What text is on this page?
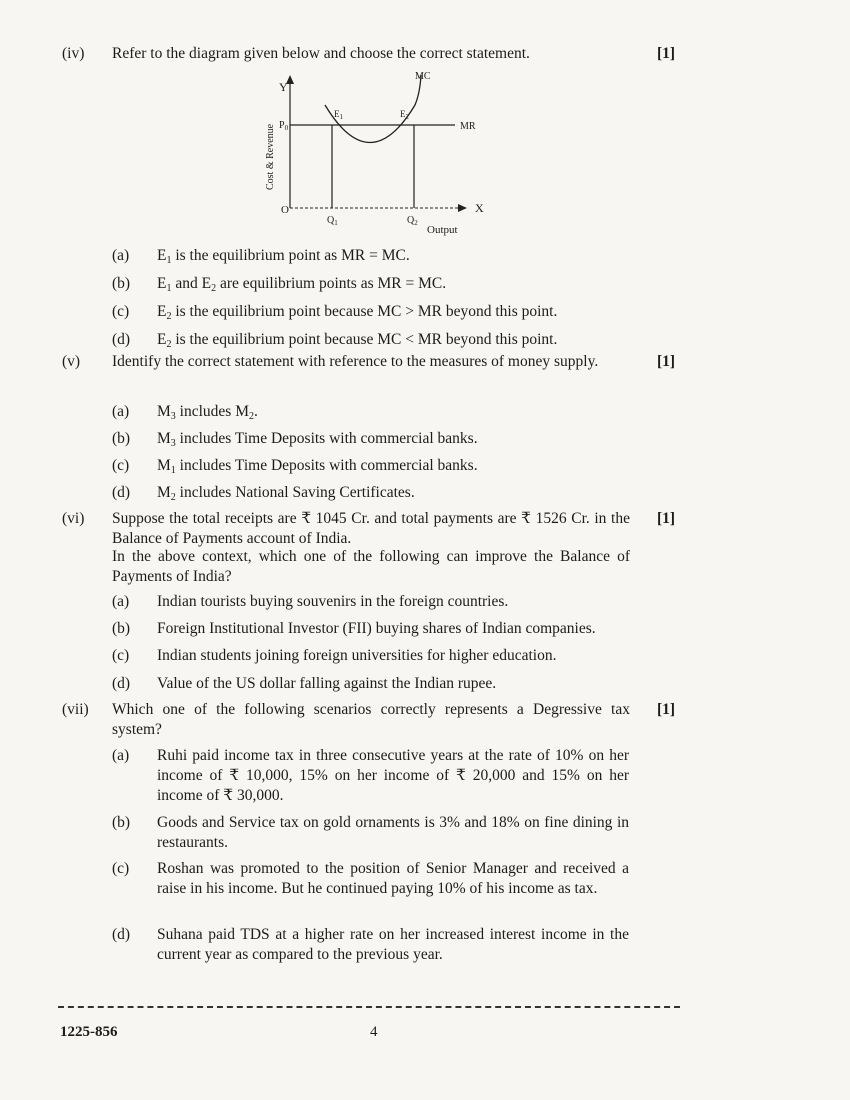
(iv) Refer to the diagram given below and choose the correct statement.	[1]
Y
X
O
Cost & Revenue
Output
$P_0$
MC
MR
$E_1$	$E_2$
$Q_1$	$Q_2$
(a) $E_1$ is the equilibrium point as MR = MC.
(b) $E_1$ and $E_2$ are equilibrium points as MR = MC.
(c) $E_2$ is the equilibrium point because MC > MR beyond this point.
(d) $E_2$ is the equilibrium point because MC < MR beyond this point.
(v) Identify the correct statement with reference to the measures of money supply.	[1]
(a) $M_3$ includes $M_2$.
(b) $M_3$ includes Time Deposits with commercial banks.
(c) $M_1$ includes Time Deposits with commercial banks.
(d) $M_2$ includes National Saving Certificates.
(vi) Suppose the total receipts are ₹ 1045 Cr. and total payments are ₹ 1526 Cr. in the Balance of Payments account of India.
In the above context, which one of the following can improve the Balance of Payments of India?
[1]
(a) Indian tourists buying souvenirs in the foreign countries.
(b) Foreign Institutional Investor (FII) buying shares of Indian companies.
(c) Indian students joining foreign universities for higher education.
(d) Value of the US dollar falling against the Indian rupee.
(vii) Which one of the following scenarios correctly represents a Degressive tax system?
[1]
(a) Ruhi paid income tax in three consecutive years at the rate of 10% on her income of ₹ 10,000, 15% on her income of ₹ 20,000 and 15% on her income of ₹ 30,000.
(b) Goods and Service tax on gold ornaments is 3% and 18% on fine dining in restaurants.
(c) Roshan was promoted to the position of Senior Manager and received a raise in his income. But he continued paying 10% of his income as tax.
(d) Suhana paid TDS at a higher rate on her increased interest income in the current year as compared to the previous year.
1225-856	4
